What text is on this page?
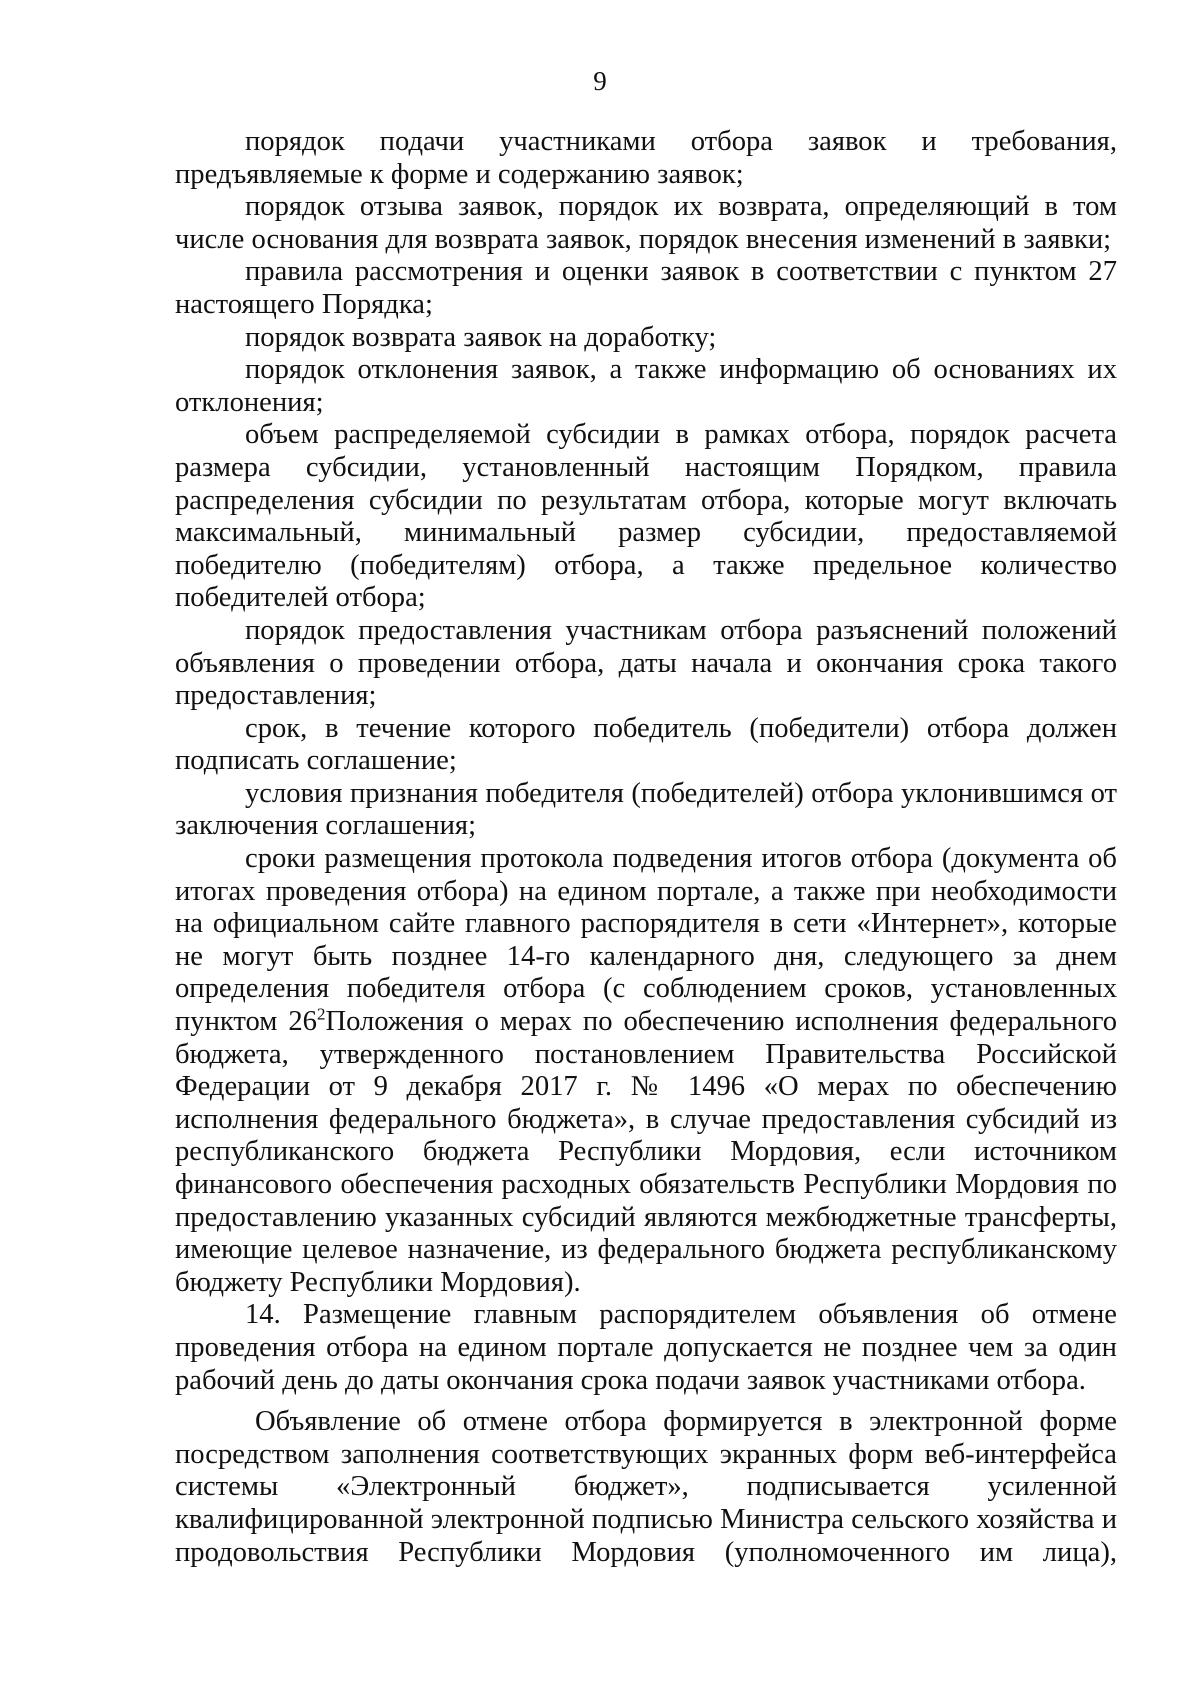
9

порядок подачи участниками отбора заявок и требования, предъявляемые к форме и содержанию заявок;

порядок отзыва заявок, порядок их возврата, определяющий в том числе основания для возврата заявок, порядок внесения изменений в заявки;

правила рассмотрения и оценки заявок в соответствии с пунктом 27 настоящего Порядка;

порядок возврата заявок на доработку;

порядок отклонения заявок, а также информацию об основаниях их отклонения;

объем распределяемой субсидии в рамках отбора, порядок расчета размера субсидии, установленный настоящим Порядком, правила распределения субсидии по результатам отбора, которые могут включать максимальный, минимальный размер субсидии, предоставляемой победителю (победителям) отбора, а также предельное количество победителей отбора;

порядок предоставления участникам отбора разъяснений положений объявления о проведении отбора, даты начала и окончания срока такого предоставления;

срок, в течение которого победитель (победители) отбора должен подписать соглашение;

условия признания победителя (победителей) отбора уклонившимся от заключения соглашения;

сроки размещения протокола подведения итогов отбора (документа об итогах проведения отбора) на едином портале, а также при необходимости на официальном сайте главного распорядителя в сети «Интернет», которые не могут быть позднее 14-го календарного дня, следующего за днем определения победителя отбора (с соблюдением сроков, установленных пунктом $26^2Положения$ о мерах по обеспечению исполнения федерального бюджета, утвержденного постановлением Правительства Российской Федерации от 9 декабря 2017 г. № 1496 «О мерах по обеспечению исполнения федерального бюджета», в случае предоставления субсидий из республиканского бюджета Республики Мордовия, если источником финансового обеспечения расходных обязательств Республики Мордовия по предоставлению указанных субсидий являются межбюджетные трансферты, имеющие целевое назначение, из федерального бюджета республиканскому бюджету Республики Мордовия).

14. Размещение главным распорядителем объявления об отмене проведения отбора на едином портале допускается не позднее чем за один рабочий день до даты окончания срока подачи заявок участниками отбора.

Объявление об отмене отбора формируется в электронной форме посредством заполнения соответствующих экранных форм веб-интерфейса системы «Электронный бюджет», подписывается усиленной квалифицированной электронной подписью Министра сельского хозяйства и продовольствия Республики Мордовия (уполномоченного им лица),
